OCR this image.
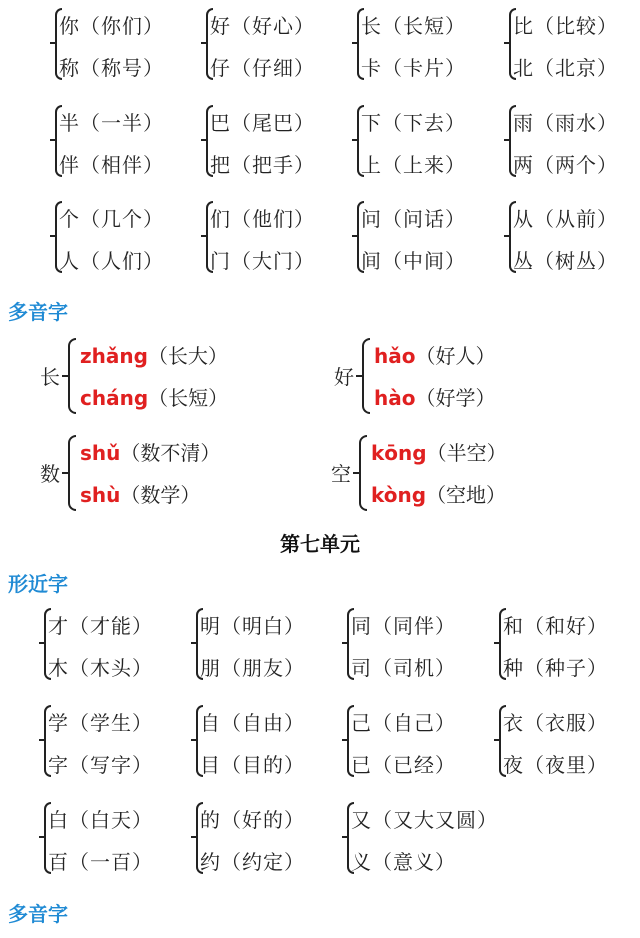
你（你们）
称（称号）
好（好心）
仔（仔细）
长（长短）
卡（卡片）
比（比较）
北（北京）
半（一半）
伴（相伴）
巴（尾巴）
把（把手）
下（下去）
上（上来）
雨（雨水）
两（两个）
个（几个）
人（人们）
们（他们）
门（大门）
问（问话）
间（中间）
从（从前）
丛（树丛）
多音字
长
zhǎng（长大）
cháng（长短）
好
hǎo（好人）
hào（好学）
数
shǔ（数不清）
shù（数学）
空
kōng（半空）
kòng（空地）
第七单元
形近字
才（才能）
木（木头）
明（明白）
朋（朋友）
同（同伴）
司（司机）
和（和好）
种（种子）
学（学生）
字（写字）
自（自由）
目（目的）
己（自己）
已（已经）
衣（衣服）
夜（夜里）
白（白天）
百（一百）
的（好的）
约（约定）
又（又大又圆）
义（意义）
多音字
